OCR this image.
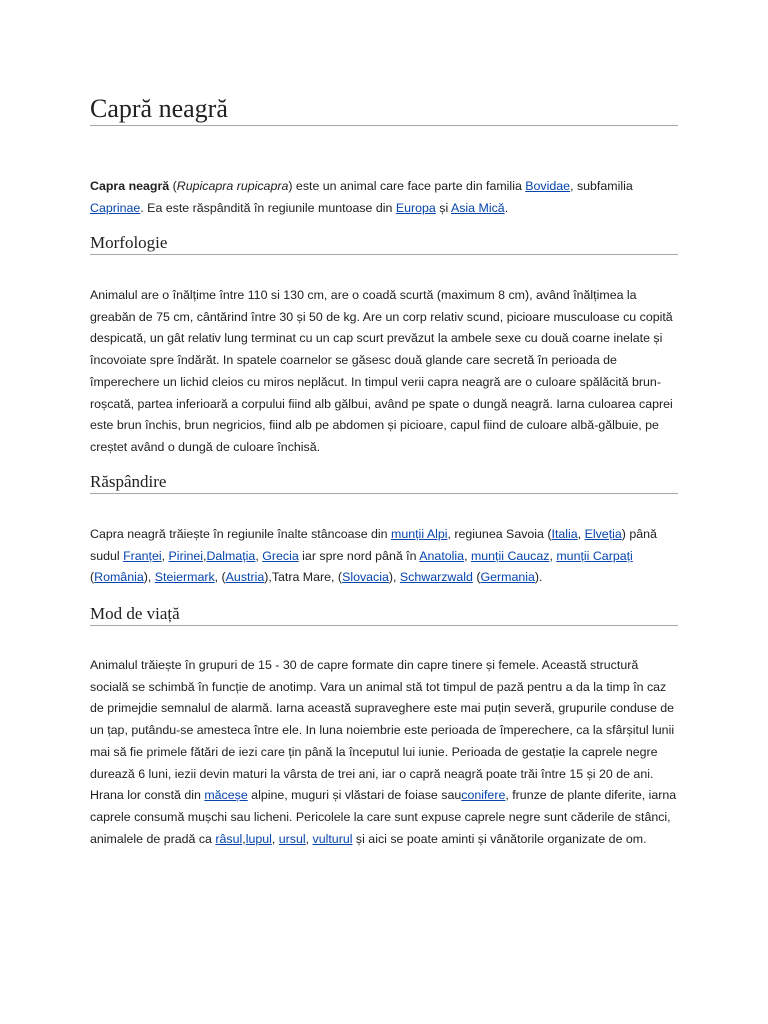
Capră neagră

Capra neagră (Rupicapra rupicapra) este un animal care face parte din familia Bovidae, subfamilia Caprinae. Ea este răspândită în regiunile muntoase din Europa și Asia Mică.

Morfologie

Animalul are o înălțime între 110 si 130 cm, are o coadă scurtă (maximum 8 cm), având înălțimea la greabăn de 75 cm, cântărind între 30 și 50 de kg. Are un corp relativ scund, picioare musculoase cu copită despicată, un gât relativ lung terminat cu un cap scurt prevăzut la ambele sexe cu două coarne inelate și încovoiate spre îndărăt. In spatele coarnelor se găsesc două glande care secretă în perioada de împerechere un lichid cleios cu miros neplăcut. In timpul verii capra neagră are o culoare spălăcită brun-roșcată, partea inferioară a corpului fiind alb gălbui, având pe spate o dungă neagră. Iarna culoarea caprei este brun închis, brun negricios, fiind alb pe abdomen și picioare, capul fiind de culoare albă-gălbuie, pe creștet având o dungă de culoare închisă.

Răspândire

Capra neagră trăiește în regiunile înalte stâncoase din munții Alpi, regiunea Savoia (Italia, Elveția) până sudul Franței, Pirinei,Dalmația, Grecia iar spre nord până în Anatolia, munții Caucaz, munții Carpați (România), Steiermark, (Austria),Tatra Mare, (Slovacia), Schwarzwald (Germania).

Mod de viață

Animalul trăiește în grupuri de 15 - 30 de capre formate din capre tinere și femele. Această structură socială se schimbă în funcție de anotimp. Vara un animal stă tot timpul de pază pentru a da la timp în caz de primejdie semnalul de alarmă. Iarna această supraveghere este mai puțin severă, grupurile conduse de un țap, putându-se amesteca între ele. In luna noiembrie este perioada de împerechere, ca la sfârșitul lunii mai să fie primele fătări de iezi care țin până la începutul lui iunie. Perioada de gestație la caprele negre durează 6 luni, iezii devin maturi la vârsta de trei ani, iar o capră neagră poate trăi între 15 și 20 de ani. Hrana lor constă din măceșe alpine, muguri și vlăstari de foiase sauconifere, frunze de plante diferite, iarna caprele consumă mușchi sau licheni. Pericolele la care sunt expuse caprele negre sunt căderile de stânci, animalele de pradă ca râsul,lupul, ursul, vulturul și aici se poate aminti și vânătorile organizate de om.
